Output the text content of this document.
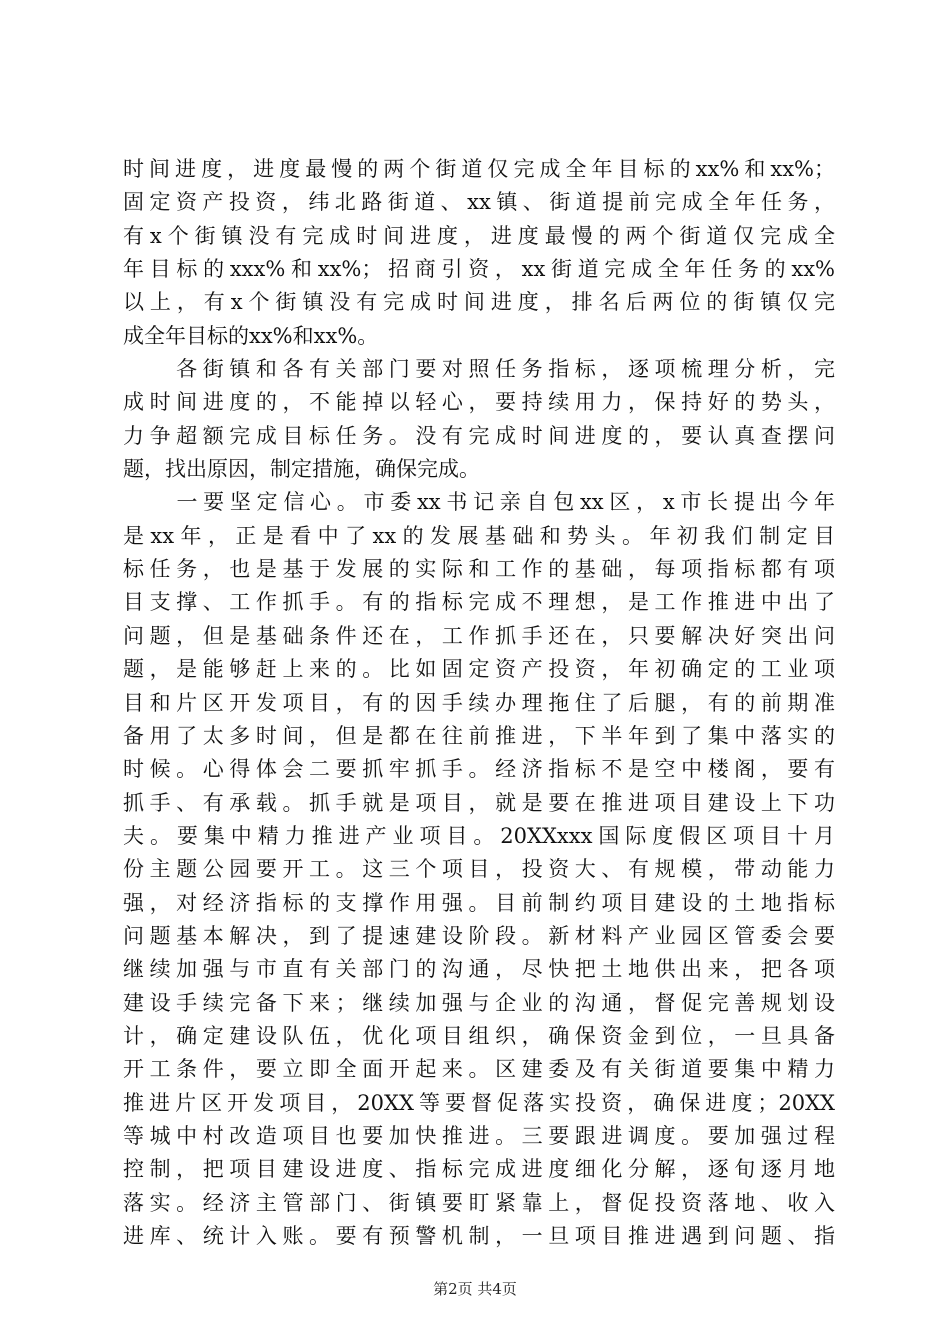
时间进度，进度最慢的两个街道仅完成全年目标的xx%和xx%；
固定资产投资，纬北路街道、xx镇、街道提前完成全年任务，
有x个街镇没有完成时间进度，进度最慢的两个街道仅完成全
年目标的xxx%和xx%；招商引资，xx街道完成全年任务的xx%
以上，有x个街镇没有完成时间进度，排名后两位的街镇仅完
成全年目标的xx%和xx%。
　　各街镇和各有关部门要对照任务指标，逐项梳理分析，完
成时间进度的，不能掉以轻心，要持续用力，保持好的势头，
力争超额完成目标任务。没有完成时间进度的，要认真查摆问
题，找出原因，制定措施，确保完成。
　　一要坚定信心。市委xx书记亲自包xx区，x市长提出今年
是xx年，正是看中了xx的发展基础和势头。年初我们制定目
标任务，也是基于发展的实际和工作的基础，每项指标都有项
目支撑、工作抓手。有的指标完成不理想，是工作推进中出了
问题，但是基础条件还在，工作抓手还在，只要解决好突出问
题，是能够赶上来的。比如固定资产投资，年初确定的工业项
目和片区开发项目，有的因手续办理拖住了后腿，有的前期准
备用了太多时间，但是都在往前推进，下半年到了集中落实的
时候。心得体会二要抓牢抓手。经济指标不是空中楼阁，要有
抓手、有承载。抓手就是项目，就是要在推进项目建设上下功
夫。要集中精力推进产业项目。20XXxxx国际度假区项目十月
份主题公园要开工。这三个项目，投资大、有规模，带动能力
强，对经济指标的支撑作用强。目前制约项目建设的土地指标
问题基本解决，到了提速建设阶段。新材料产业园区管委会要
继续加强与市直有关部门的沟通，尽快把土地供出来，把各项
建设手续完备下来；继续加强与企业的沟通，督促完善规划设
计，确定建设队伍，优化项目组织，确保资金到位，一旦具备
开工条件，要立即全面开起来。区建委及有关街道要集中精力
推进片区开发项目，20XX等要督促落实投资，确保进度；20XX
等城中村改造项目也要加快推进。三要跟进调度。要加强过程
控制，把项目建设进度、指标完成进度细化分解，逐旬逐月地
落实。经济主管部门、街镇要盯紧靠上，督促投资落地、收入
进库、统计入账。要有预警机制，一旦项目推进遇到问题、指
第2页 共4页
